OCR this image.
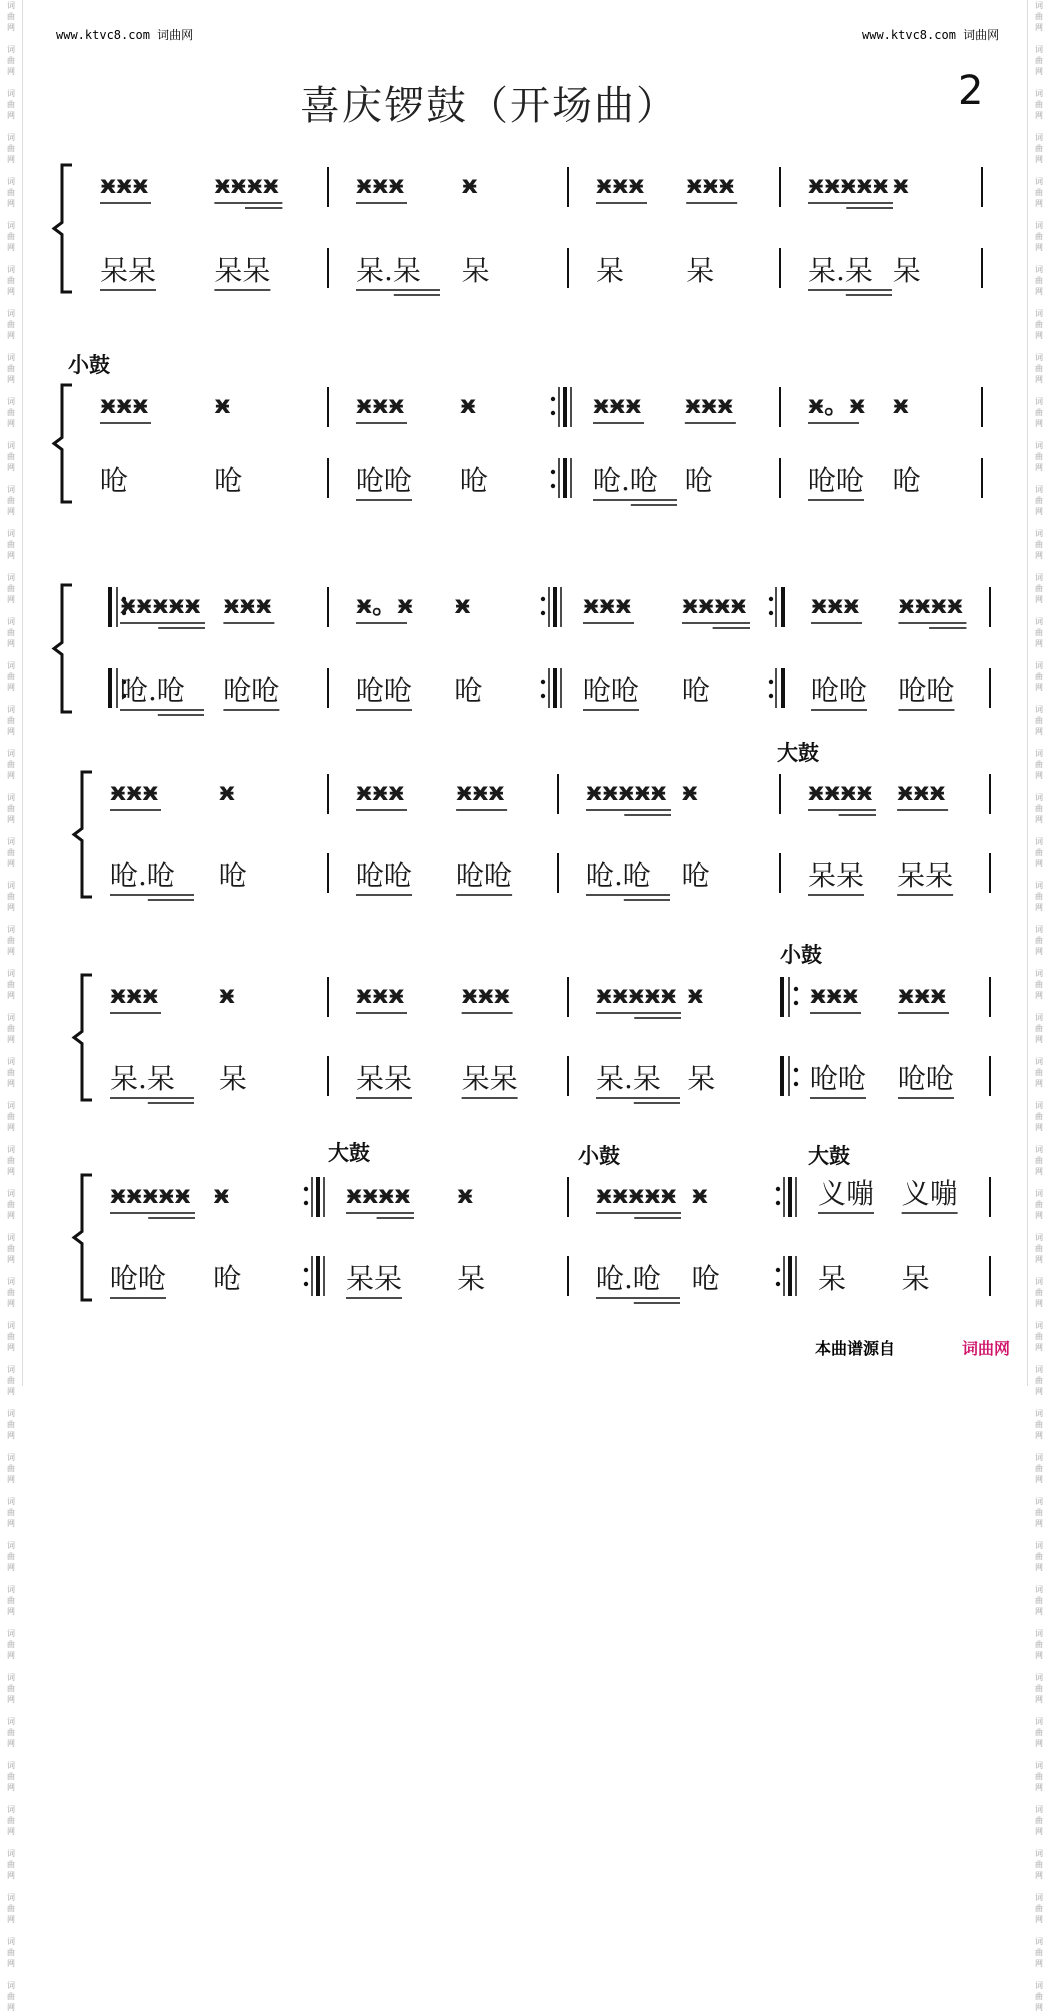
词
曲
网

词
曲
网

词
曲
网

词
曲
网

词
曲
网

词
曲
网

词
曲
网

词
曲
网

词
曲
网

词
曲
网

词
曲
网

词
曲
网

词
曲
网

词
曲
网

词
曲
网

词
曲
网

词
曲
网

词
曲
网

词
曲
网

词
曲
网

词
曲
网

词
曲
网

词
曲
网

词
曲
网

词
曲
网

词
曲
网

词
曲
网

词
曲
网

词
曲
网

词
曲
网

词
曲
网

词
曲
网

词
曲
网

词
曲
网

词
曲
网

词
曲
网

词
曲
网

词
曲
网

词
曲
网

词
曲
网

词
曲
网

词
曲
网

词
曲
网

词
曲
网

词
曲
网

词
曲
网

词
曲
网

词
曲
网

词
曲
网

词
曲
网

词
曲
网

词
曲
网

词
曲
网

词
曲
网

词
曲
网

词
曲
网

词
曲
网

词
曲
网

词
曲
网

词
曲
网

词
曲
网

词
曲
网

词
曲
网

词
曲
网

词
曲
网

词
曲
网

词
曲
网

词
曲
网

词
曲
网

词
曲
网

词
曲
网

词
曲
网

词
曲
网

词
曲
网

词
曲
网

词
曲
网

词
曲
网

词
曲
网

词
曲
网

词
曲
网

词
曲
网

词
曲
网

词
曲
网

词
曲
网

词
曲
网

词
曲
网

词
曲
网

词
曲
网

词
曲
网

词
曲
网

词
曲
网

词
曲
网

www.ktvc8.com 词曲网	www.ktvc8.com 词曲网
喜庆锣鼓（开场曲）	2
ӿӿӿ	ӿӿӿӿ
呆呆 呆呆
ӿӿӿ ӿ
呆.呆 呆
ӿӿӿ ӿӿӿ
呆 呆
ӿӿӿӿӿ ӿ
呆.呆 呆
小鼓
ӿӿӿ	ӿ
呛	呛
ӿӿӿ ӿ
呛呛 呛
ӿӿӿ ӿӿӿ
呛.呛 呛
ӿ。ӿ ӿ
呛呛 呛
ӿӿӿӿӿ ӿӿӿ
呛.呛 呛呛
ӿ。ӿ ӿ
呛呛 呛
ӿӿӿ ӿӿӿӿ
呛呛 呛
ӿӿӿ ӿӿӿӿ
呛呛 呛呛
大鼓
ӿӿӿ ӿ
呛.呛 呛
ӿӿӿ ӿӿӿ
呛呛 呛呛
ӿӿӿӿӿ ӿ
呛.呛 呛
ӿӿӿӿ ӿӿӿ
呆呆 呆呆
小鼓
ӿӿӿ ӿ
呆.呆 呆
ӿӿӿ ӿӿӿ
呆呆 呆呆
ӿӿӿӿӿ ӿ
呆.呆 呆
ӿӿӿ ӿӿӿ
呛呛 呛呛
大鼓	小鼓	大鼓
ӿӿӿӿӿ ӿ
呛呛 呛
ӿӿӿӿ ӿ
呆呆 呆
ӿӿӿӿӿ ӿ
呛.呛 呛
义嘣 义嘣
呆 呆
本曲谱源自	词曲网
